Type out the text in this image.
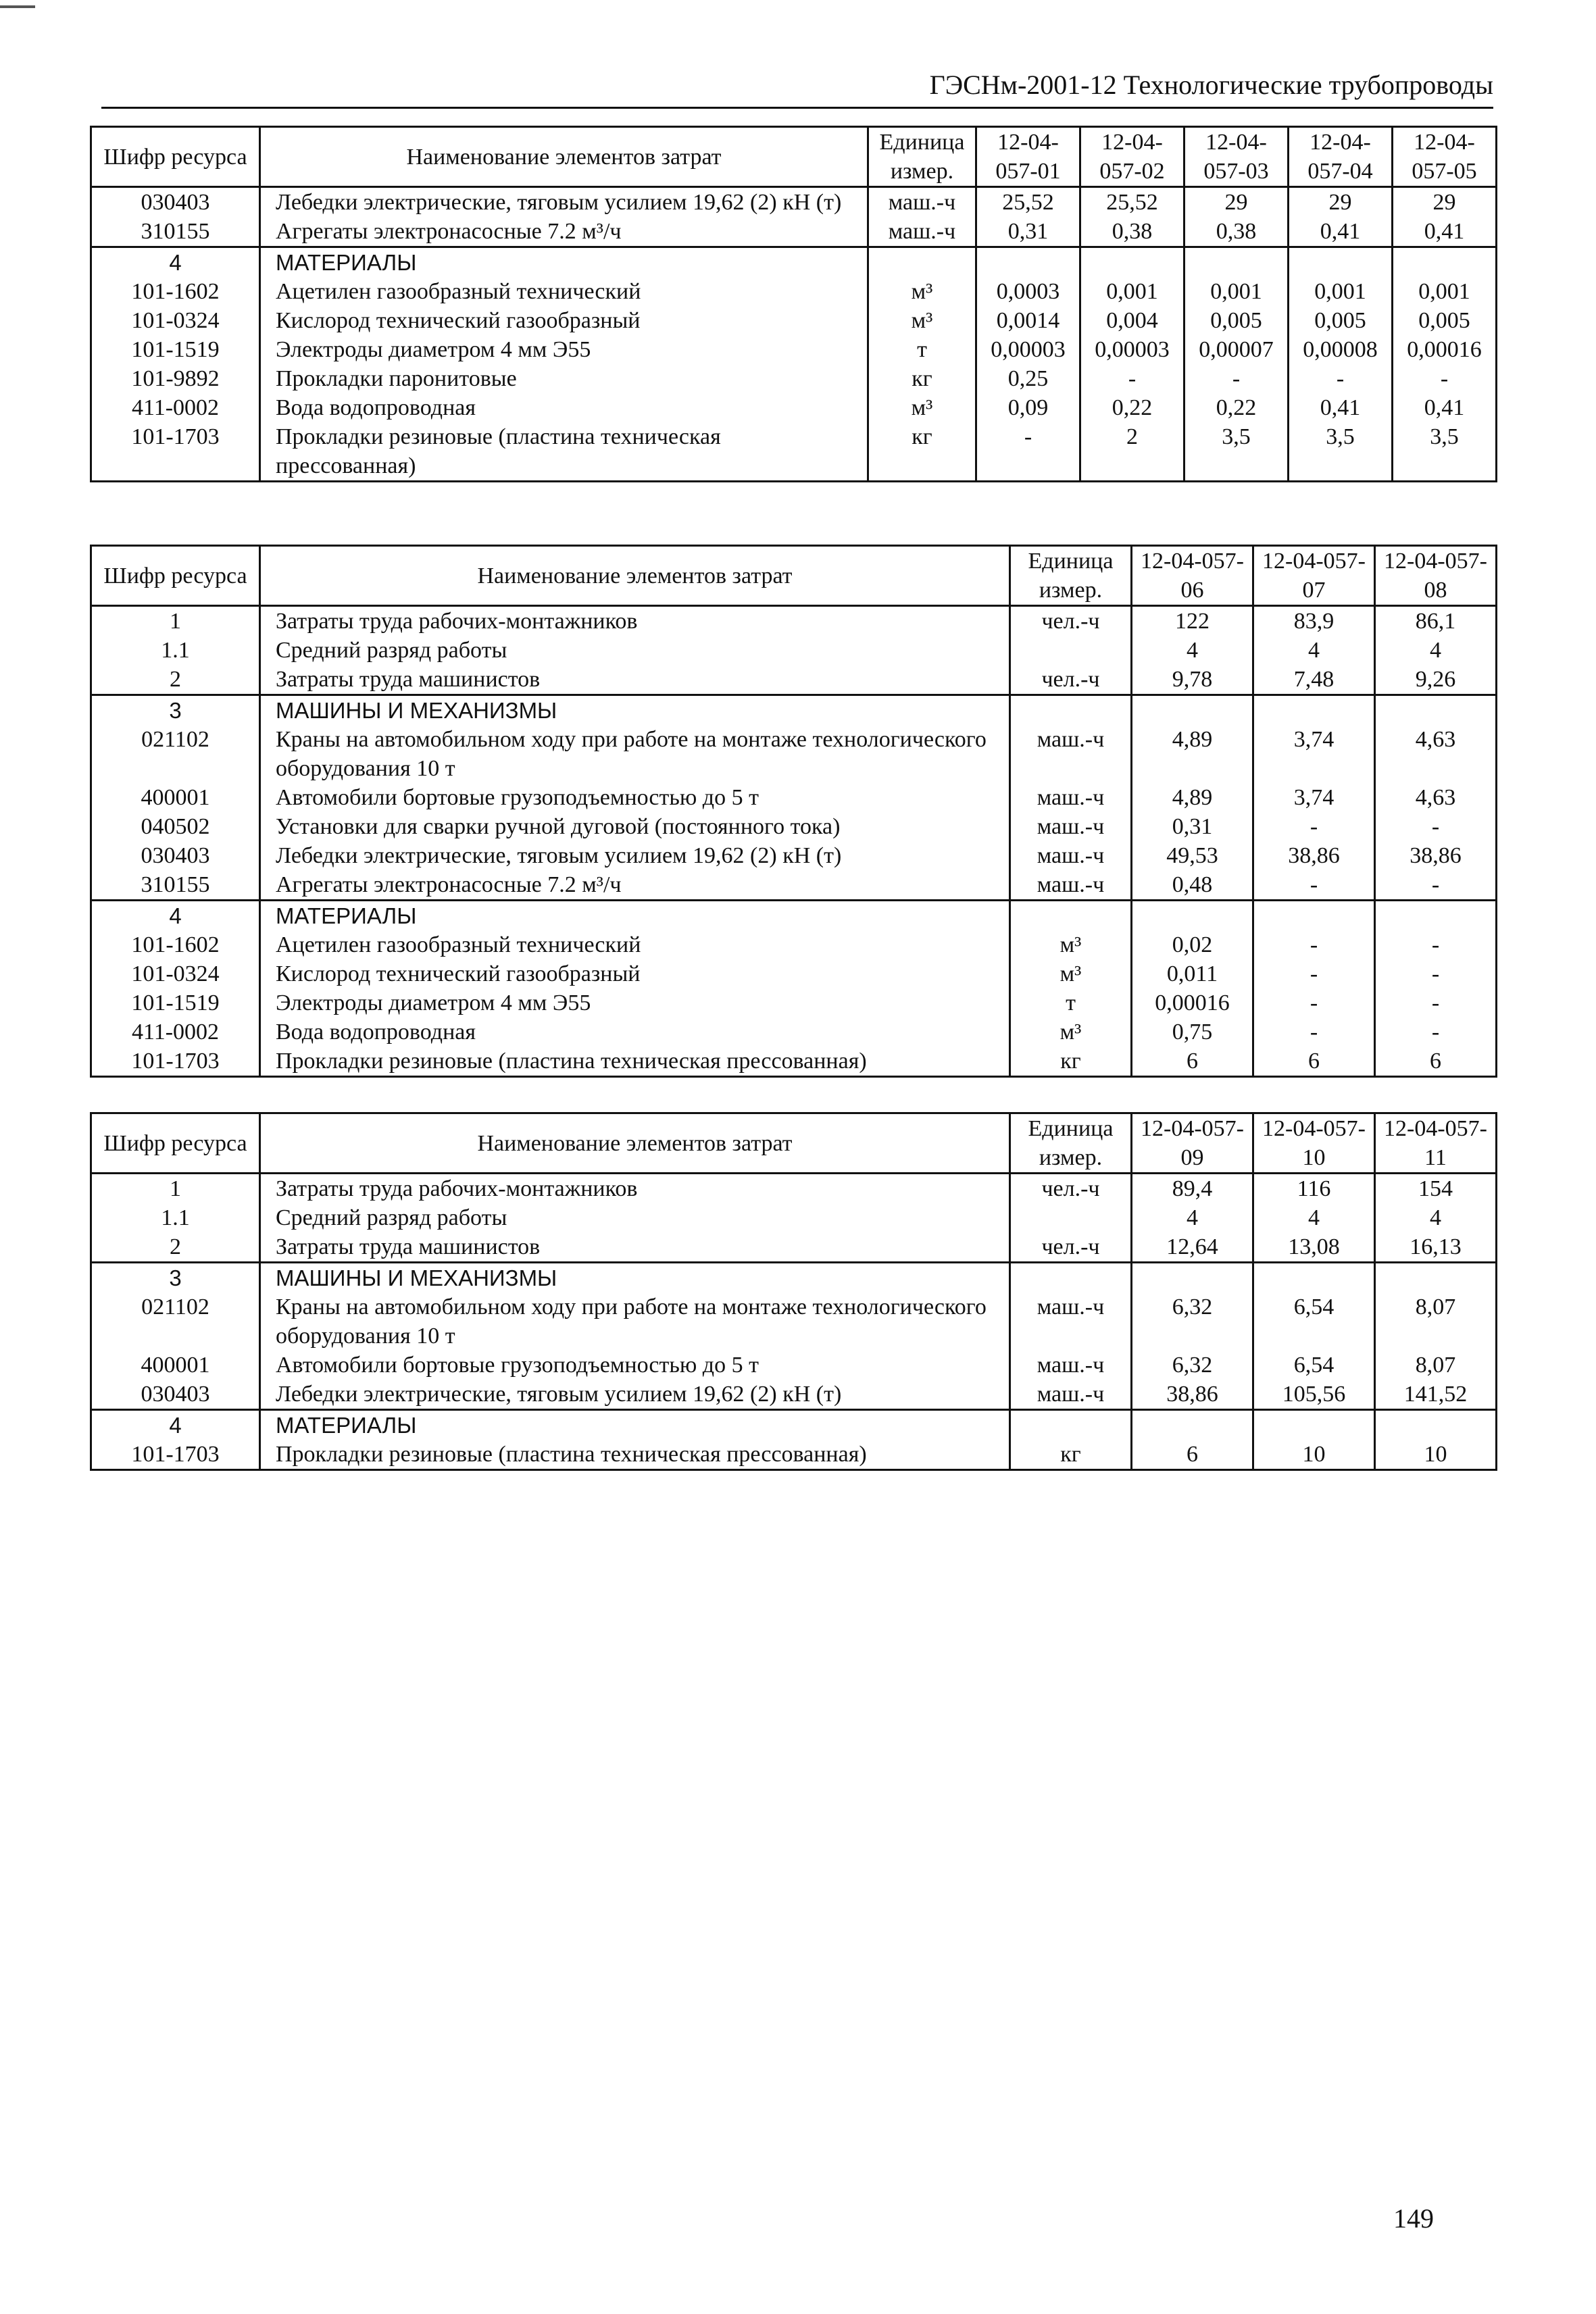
ГЭСНм-2001-12 Технологические трубопроводы
Шифр ресурса	Наименование элементов затрат	Единица измер.	12-04-057-01	12-04-057-02	12-04-057-03	12-04-057-04	12-04-057-05
030403	Лебедки электрические, тяговым усилием 19,62 (2) кН (т)	маш.-ч	25,52	25,52	29	29	29
310155	Агрегаты электронасосные 7.2 м³/ч	маш.-ч	0,31	0,38	0,38	0,41	0,41
4	МАТЕРИАЛЫ						
101-1602	Ацетилен газообразный технический	м³	0,0003	0,001	0,001	0,001	0,001
101-0324	Кислород технический газообразный	м³	0,0014	0,004	0,005	0,005	0,005
101-1519	Электроды диаметром 4 мм Э55	т	0,00003	0,00003	0,00007	0,00008	0,00016
101-9892	Прокладки паронитовые	кг	0,25	-	-	-	-
411-0002	Вода водопроводная	м³	0,09	0,22	0,22	0,41	0,41
101-1703	Прокладки резиновые (пластина техническая прессованная)	кг	-	2	3,5	3,5	3,5
Шифр ресурса	Наименование элементов затрат	Единица измер.	12-04-057-06	12-04-057-07	12-04-057-08
1	Затраты труда рабочих-монтажников	чел.-ч	122	83,9	86,1
1.1	Средний разряд работы		4	4	4
2	Затраты труда машинистов	чел.-ч	9,78	7,48	9,26
3	МАШИНЫ И МЕХАНИЗМЫ				
021102	Краны на автомобильном ходу при работе на монтаже технологического оборудования 10 т	маш.-ч	4,89	3,74	4,63
400001	Автомобили бортовые грузоподъемностью до 5 т	маш.-ч	4,89	3,74	4,63
040502	Установки для сварки ручной дуговой (постоянного тока)	маш.-ч	0,31	-	-
030403	Лебедки электрические, тяговым усилием 19,62 (2) кН (т)	маш.-ч	49,53	38,86	38,86
310155	Агрегаты электронасосные 7.2 м³/ч	маш.-ч	0,48	-	-
4	МАТЕРИАЛЫ				
101-1602	Ацетилен газообразный технический	м³	0,02	-	-
101-0324	Кислород технический газообразный	м³	0,011	-	-
101-1519	Электроды диаметром 4 мм Э55	т	0,00016	-	-
411-0002	Вода водопроводная	м³	0,75	-	-
101-1703	Прокладки резиновые (пластина техническая прессованная)	кг	6	6	6
Шифр ресурса	Наименование элементов затрат	Единица измер.	12-04-057-09	12-04-057-10	12-04-057-11
1	Затраты труда рабочих-монтажников	чел.-ч	89,4	116	154
1.1	Средний разряд работы		4	4	4
2	Затраты труда машинистов	чел.-ч	12,64	13,08	16,13
3	МАШИНЫ И МЕХАНИЗМЫ				
021102	Краны на автомобильном ходу при работе на монтаже технологического оборудования 10 т	маш.-ч	6,32	6,54	8,07
400001	Автомобили бортовые грузоподъемностью до 5 т	маш.-ч	6,32	6,54	8,07
030403	Лебедки электрические, тяговым усилием 19,62 (2) кН (т)	маш.-ч	38,86	105,56	141,52
4	МАТЕРИАЛЫ				
101-1703	Прокладки резиновые (пластина техническая прессованная)	кг	6	10	10
149
